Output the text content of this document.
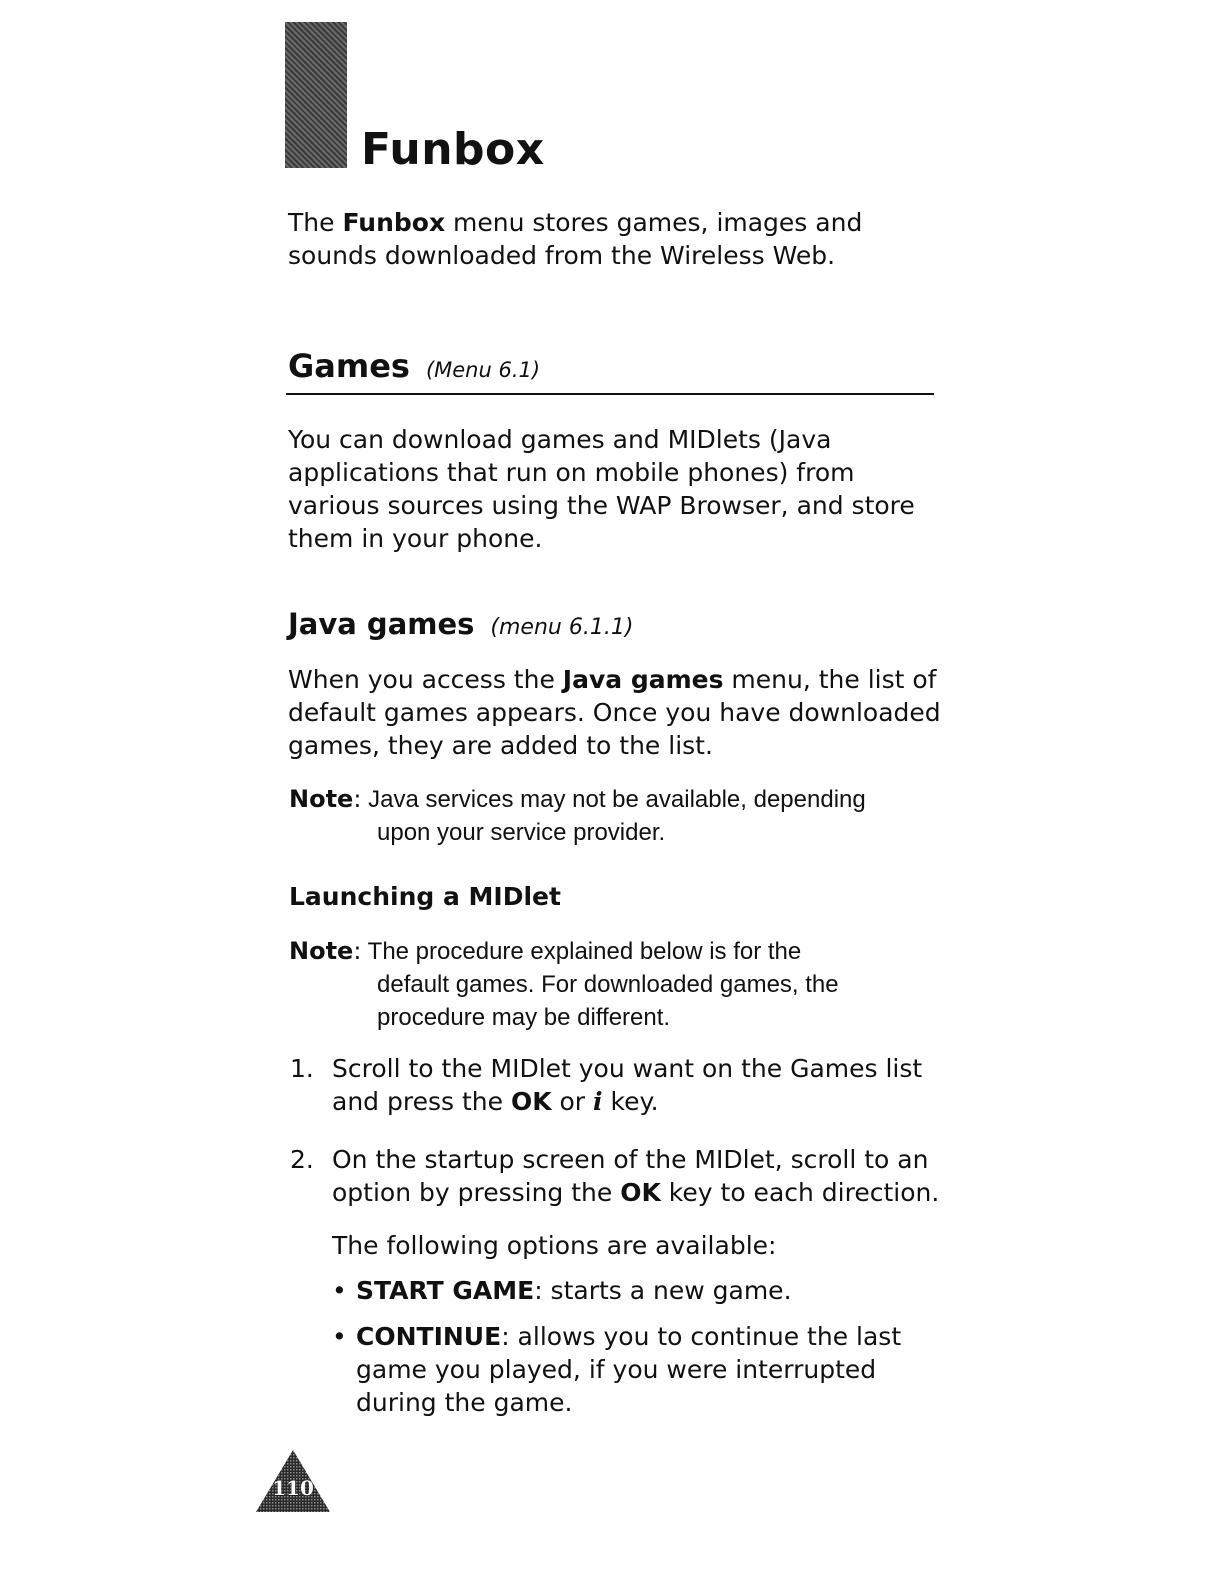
Funbox

The Funbox menu stores games, images and
sounds downloaded from the Wireless Web.

Games (Menu 6.1)

You can download games and MIDlets (Java
applications that run on mobile phones) from
various sources using the WAP Browser, and store
them in your phone.

Java games (menu 6.1.1)

When you access the Java games menu, the list of
default games appears. Once you have downloaded
games, they are added to the list.

Note: Java services may not be available, depending
upon your service provider.

Launching a MIDlet

Note: The procedure explained below is for the
default games. For downloaded games, the
procedure may be different.

1. Scroll to the MIDlet you want on the Games list
and press the OK or i key.
2. On the startup screen of the MIDlet, scroll to an
option by pressing the OK key to each direction.

The following options are available:

• START GAME: starts a new game.
• CONTINUE: allows you to continue the last
game you played, if you were interrupted
during the game.
110
